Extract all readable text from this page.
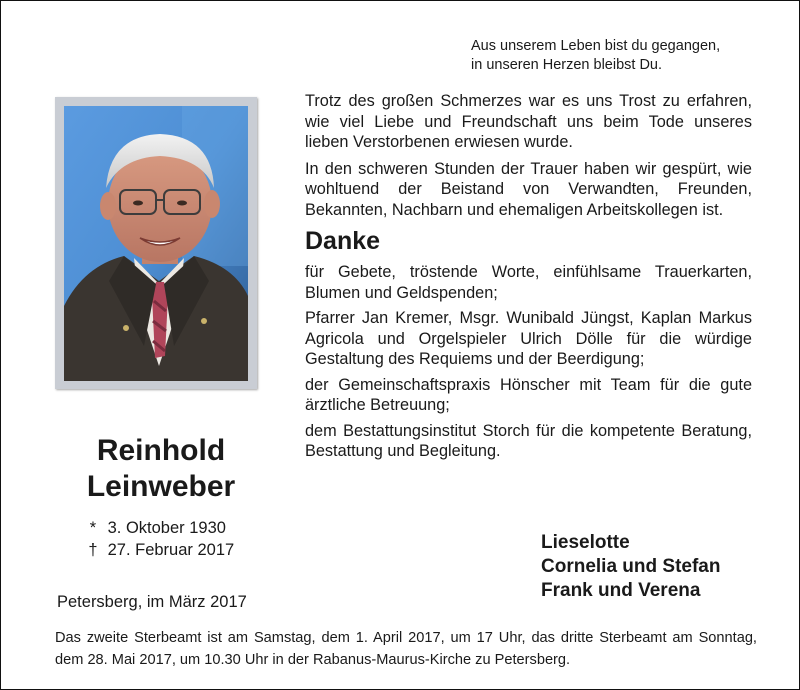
Aus unserem Leben bist du gegangen,
in unseren Herzen bleibst Du.
Reinhold
Leinweber
* 3. Oktober 1930
† 27. Februar 2017
Petersberg, im März 2017

Trotz des großen Schmerzes war es uns Trost zu erfahren, wie viel Liebe und Freundschaft uns beim Tode unseres lieben Verstorbenen erwiesen wurde.

In den schweren Stunden der Trauer haben wir gespürt, wie wohltuend der Beistand von Verwandten, Freunden, Bekannten, Nachbarn und ehemaligen Arbeitskollegen ist.

Danke

für Gebete, tröstende Worte, einfühlsame Trauerkarten, Blumen und Geldspenden;

Pfarrer Jan Kremer, Msgr. Wunibald Jüngst, Kaplan Markus Agricola und Orgelspieler Ulrich Dölle für die würdige Gestaltung des Requiems und der Beerdigung;

der Gemeinschaftspraxis Hönscher mit Team für die gute ärztliche Betreuung;

dem Bestattungsinstitut Storch für die kompetente Beratung, Bestattung und Begleitung.

Lieselotte
Cornelia und Stefan
Frank und Verena
Das zweite Sterbeamt ist am Samstag, dem 1. April 2017, um 17 Uhr, das dritte Sterbeamt am Sonntag, dem 28. Mai 2017, um 10.30 Uhr in der Rabanus-Maurus-Kirche zu Petersberg.
